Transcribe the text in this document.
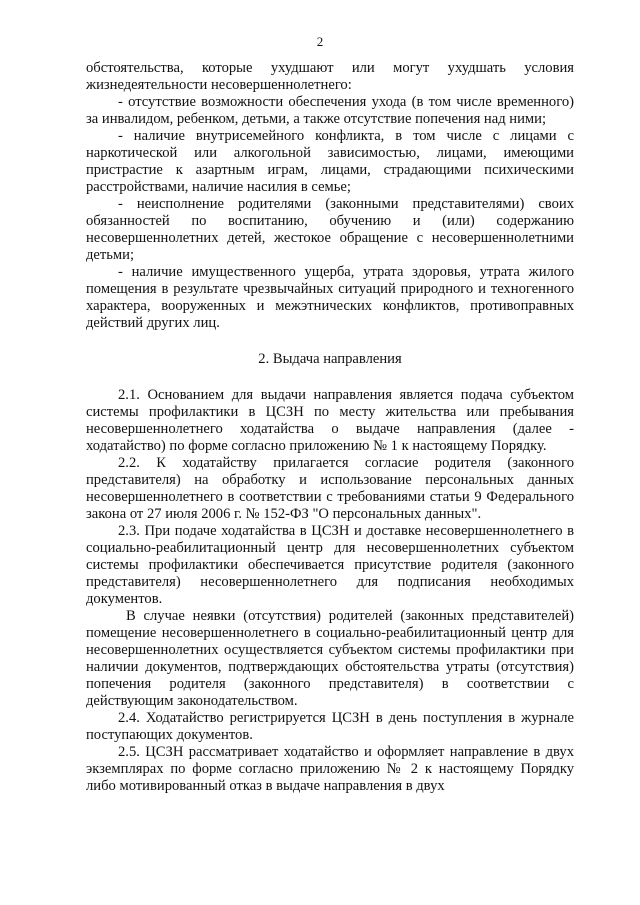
2

обстоятельства, которые ухудшают или могут ухудшать условия жизнедеятельности несовершеннолетнего:

- отсутствие возможности обеспечения ухода (в том числе временного) за инвалидом, ребенком, детьми, а также отсутствие попечения над ними;

- наличие внутрисемейного конфликта, в том числе с лицами с наркотической или алкогольной зависимостью, лицами, имеющими пристрастие к азартным играм, лицами, страдающими психическими расстройствами, наличие насилия в семье;

- неисполнение родителями (законными представителями) своих обязанностей по воспитанию, обучению и (или) содержанию несовершеннолетних детей, жестокое обращение с несовершеннолетними детьми;

- наличие имущественного ущерба, утрата здоровья, утрата жилого помещения в результате чрезвычайных ситуаций природного и техногенного характера, вооруженных и межэтнических конфликтов, противоправных действий других лиц.

2. Выдача направления

2.1. Основанием для выдачи направления является подача субъектом системы профилактики в ЦСЗН по месту жительства или пребывания несовершеннолетнего ходатайства о выдаче направления (далее - ходатайство) по форме согласно приложению № 1 к настоящему Порядку.

2.2. К ходатайству прилагается согласие родителя (законного представителя) на обработку и использование персональных данных несовершеннолетнего в соответствии с требованиями статьи 9 Федерального закона от 27 июля 2006 г. № 152-ФЗ "О персональных данных".

2.3. При подаче ходатайства в ЦСЗН и доставке несовершеннолетнего в социально-реабилитационный центр для несовершеннолетних субъектом системы профилактики обеспечивается присутствие родителя (законного представителя) несовершеннолетнего для подписания необходимых документов.

В случае неявки (отсутствия) родителей (законных представителей) помещение несовершеннолетнего в социально-реабилитационный центр для несовершеннолетних осуществляется субъектом системы профилактики при наличии документов, подтверждающих обстоятельства утраты (отсутствия) попечения родителя (законного представителя) в соответствии с действующим законодательством.

2.4. Ходатайство регистрируется ЦСЗН в день поступления в журнале поступающих документов.

2.5. ЦСЗН рассматривает ходатайство и оформляет направление в двух экземплярах по форме согласно приложению № 2 к настоящему Порядку либо мотивированный отказ в выдаче направления в двух
